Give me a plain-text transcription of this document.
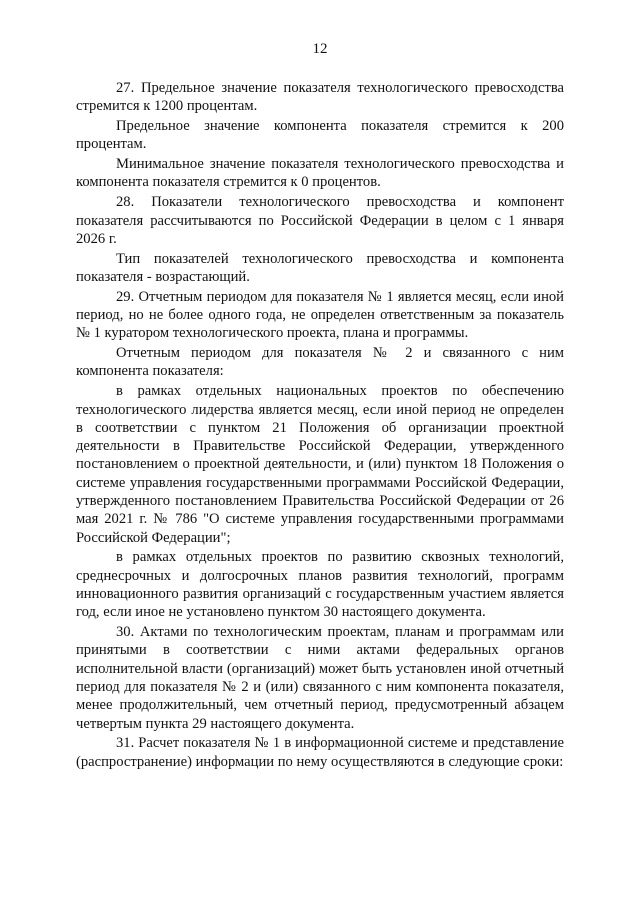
12

27. Предельное значение показателя технологического превосходства стремится к 1200 процентам.

Предельное значение компонента показателя стремится к 200 процентам.

Минимальное значение показателя технологического превосходства и компонента показателя стремится к 0 процентов.

28. Показатели технологического превосходства и компонент показателя рассчитываются по Российской Федерации в целом с 1 января 2026 г.

Тип показателей технологического превосходства и компонента показателя - возрастающий.

29. Отчетным периодом для показателя № 1 является месяц, если иной период, но не более одного года, не определен ответственным за показатель № 1 куратором технологического проекта, плана и программы.

Отчетным периодом для показателя № 2 и связанного с ним компонента показателя:

в рамках отдельных национальных проектов по обеспечению технологического лидерства является месяц, если иной период не определен в соответствии с пунктом 21 Положения об организации проектной деятельности в Правительстве Российской Федерации, утвержденного постановлением о проектной деятельности, и (или) пунктом 18 Положения о системе управления государственными программами Российской Федерации, утвержденного постановлением Правительства Российской Федерации от 26 мая 2021 г. № 786 "О системе управления государственными программами Российской Федерации";

в рамках отдельных проектов по развитию сквозных технологий, среднесрочных и долгосрочных планов развития технологий, программ инновационного развития организаций с государственным участием является год, если иное не установлено пунктом 30 настоящего документа.

30. Актами по технологическим проектам, планам и программам или принятыми в соответствии с ними актами федеральных органов исполнительной власти (организаций) может быть установлен иной отчетный период для показателя № 2 и (или) связанного с ним компонента показателя, менее продолжительный, чем отчетный период, предусмотренный абзацем четвертым пункта 29 настоящего документа.

31. Расчет показателя № 1 в информационной системе и представление (распространение) информации по нему осуществляются в следующие сроки:
